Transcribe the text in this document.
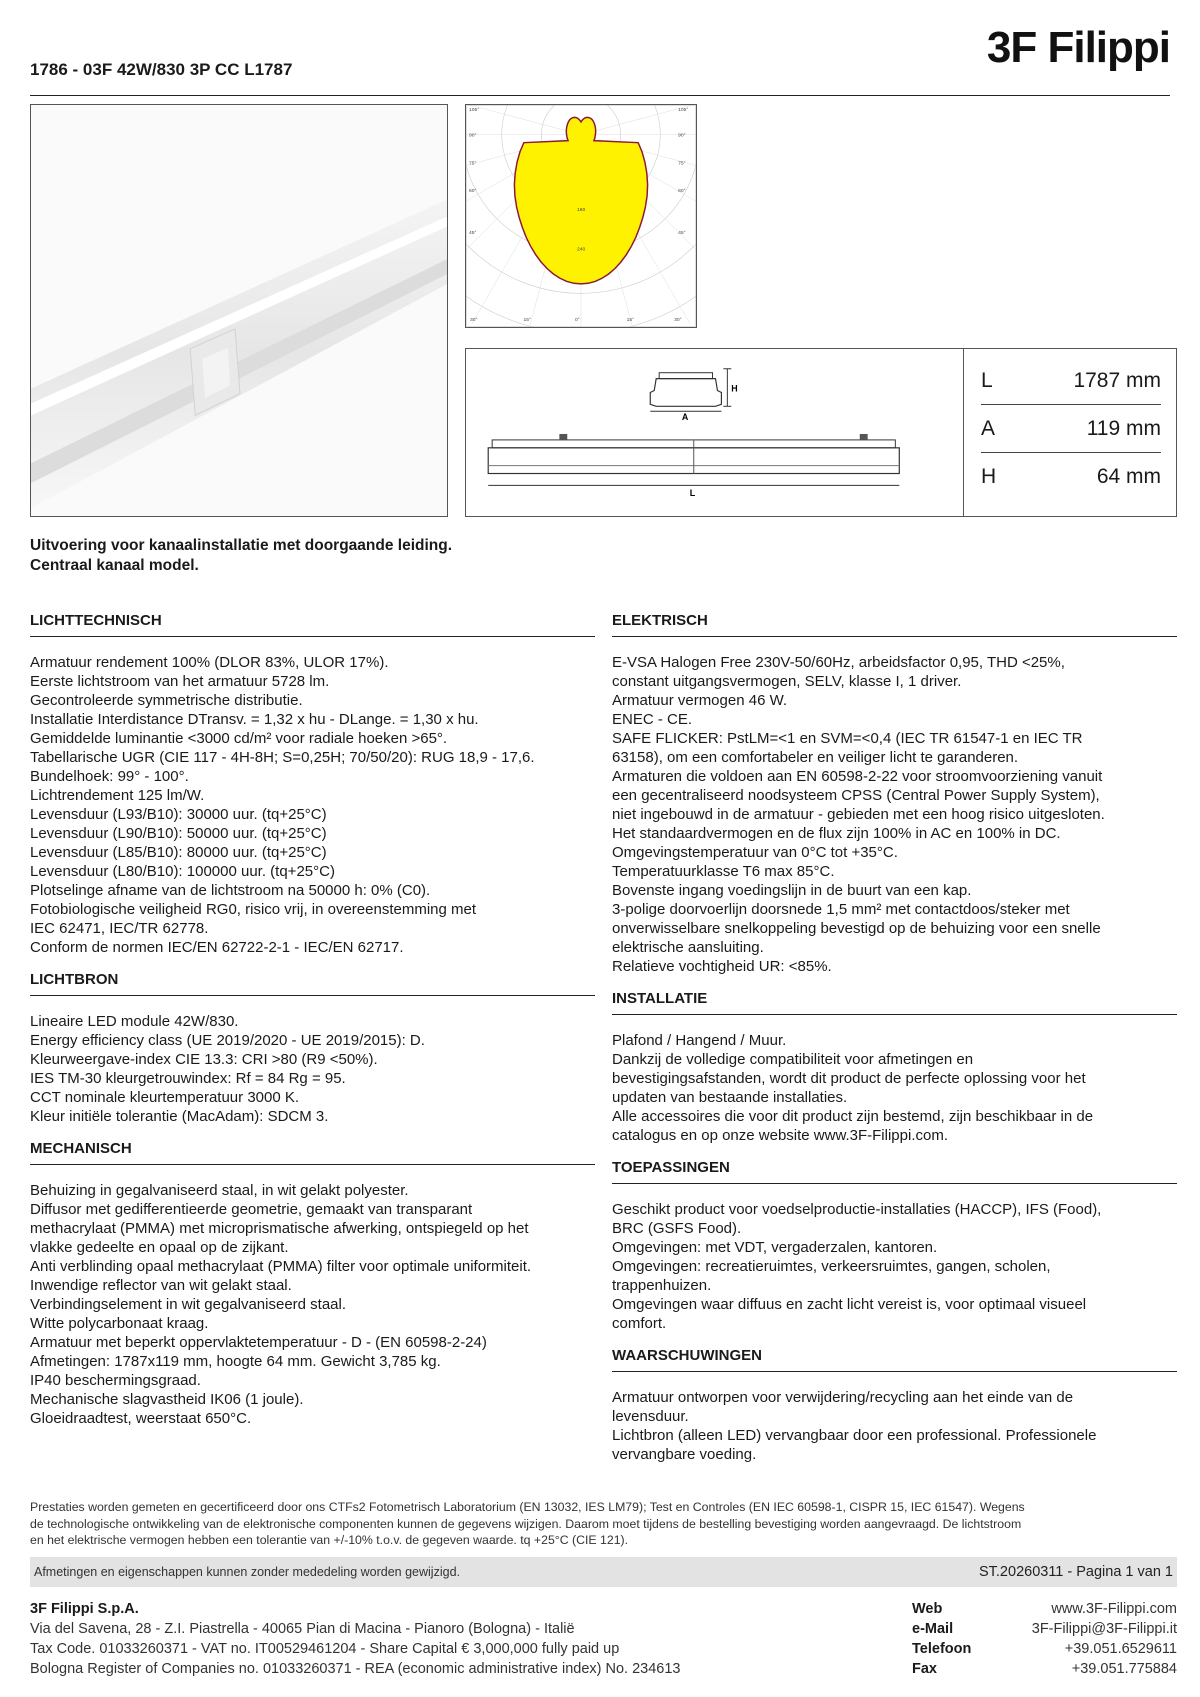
1786 - 03F 42W/830 3P CC L1787	3F Filippi
105°	105°
90°	90°
75°	75°
60°	60°
45°	45°
30°	15°	0°	15°	30°
160
240
H
A
L
L	1787 mm
A	119 mm
H	64 mm
Uitvoering voor kanaalinstallatie met doorgaande leiding.
Centraal kanaal model.
LICHTTECHNISCH
Armatuur rendement 100% (DLOR 83%, ULOR 17%).
Eerste lichtstroom van het armatuur 5728 lm.
Gecontroleerde symmetrische distributie.
Installatie Interdistance DTransv. = 1,32 x hu - DLange. = 1,30 x hu.
Gemiddelde luminantie <3000 cd/m² voor radiale hoeken >65°.
Tabellarische UGR (CIE 117 - 4H-8H; S=0,25H; 70/50/20): RUG 18,9 - 17,6.
Bundelhoek: 99° - 100°.
Lichtrendement 125 lm/W.
Levensduur (L93/B10): 30000 uur. (tq+25°C)
Levensduur (L90/B10): 50000 uur. (tq+25°C)
Levensduur (L85/B10): 80000 uur. (tq+25°C)
Levensduur (L80/B10): 100000 uur. (tq+25°C)
Plotselinge afname van de lichtstroom na 50000 h: 0% (C0).
Fotobiologische veiligheid RG0, risico vrij, in overeenstemming met
IEC 62471, IEC/TR 62778.
Conform de normen IEC/EN 62722-2-1 - IEC/EN 62717.
LICHTBRON
Lineaire LED module 42W/830.
Energy efficiency class (UE 2019/2020 - UE 2019/2015): D.
Kleurweergave-index CIE 13.3: CRI >80 (R9 <50%).
IES TM-30 kleurgetrouwindex: Rf = 84 Rg = 95.
CCT nominale kleurtemperatuur 3000 K.
Kleur initiële tolerantie (MacAdam): SDCM 3.
MECHANISCH
Behuizing in gegalvaniseerd staal, in wit gelakt polyester.
Diffusor met gedifferentieerde geometrie, gemaakt van transparant
methacrylaat (PMMA) met microprismatische afwerking, ontspiegeld op het
vlakke gedeelte en opaal op de zijkant.
Anti verblinding opaal methacrylaat (PMMA) filter voor optimale uniformiteit.
Inwendige reflector van wit gelakt staal.
Verbindingselement in wit gegalvaniseerd staal.
Witte polycarbonaat kraag.
Armatuur met beperkt oppervlaktetemperatuur - D - (EN 60598-2-24)
Afmetingen: 1787x119 mm, hoogte 64 mm. Gewicht 3,785 kg.
IP40 beschermingsgraad.
Mechanische slagvastheid IK06 (1 joule).
Gloeidraadtest, weerstaat 650°C.
ELEKTRISCH
E-VSA Halogen Free 230V-50/60Hz, arbeidsfactor 0,95, THD <25%,
constant uitgangsvermogen, SELV, klasse I, 1 driver.
Armatuur vermogen 46 W.
ENEC - CE.
SAFE FLICKER: PstLM=<1 en SVM=<0,4 (IEC TR 61547-1 en IEC TR
63158), om een comfortabeler en veiliger licht te garanderen.
Armaturen die voldoen aan EN 60598-2-22 voor stroomvoorziening vanuit
een gecentraliseerd noodsysteem CPSS (Central Power Supply System),
niet ingebouwd in de armatuur - gebieden met een hoog risico uitgesloten.
Het standaardvermogen en de flux zijn 100% in AC en 100% in DC.
Omgevingstemperatuur van 0°C tot +35°C.
Temperatuurklasse T6 max 85°C.
Bovenste ingang voedingslijn in de buurt van een kap.
3-polige doorvoerlijn doorsnede 1,5 mm² met contactdoos/steker met
onverwisselbare snelkoppeling bevestigd op de behuizing voor een snelle
elektrische aansluiting.
Relatieve vochtigheid UR: <85%.
INSTALLATIE
Plafond / Hangend / Muur.
Dankzij de volledige compatibiliteit voor afmetingen en
bevestigingsafstanden, wordt dit product de perfecte oplossing voor het
updaten van bestaande installaties.
Alle accessoires die voor dit product zijn bestemd, zijn beschikbaar in de
catalogus en op onze website www.3F-Filippi.com.
TOEPASSINGEN
Geschikt product voor voedselproductie-installaties (HACCP), IFS (Food),
BRC (GSFS Food).
Omgevingen: met VDT, vergaderzalen, kantoren.
Omgevingen: recreatieruimtes, verkeersruimtes, gangen, scholen,
trappenhuizen.
Omgevingen waar diffuus en zacht licht vereist is, voor optimaal visueel
comfort.
WAARSCHUWINGEN
Armatuur ontworpen voor verwijdering/recycling aan het einde van de
levensduur.
Lichtbron (alleen LED) vervangbaar door een professional. Professionele
vervangbare voeding.
Prestaties worden gemeten en gecertificeerd door ons CTFs2 Fotometrisch Laboratorium (EN 13032, IES LM79); Test en Controles (EN IEC 60598-1, CISPR 15, IEC 61547). Wegens
de technologische ontwikkeling van de elektronische componenten kunnen de gegevens wijzigen. Daarom moet tijdens de bestelling bevestiging worden aangevraagd. De lichtstroom
en het elektrische vermogen hebben een tolerantie van +/-10% t.o.v. de gegeven waarde. tq +25°C (CIE 121).
Afmetingen en eigenschappen kunnen zonder mededeling worden gewijzigd.	ST.20260311 - Pagina 1 van 1
3F Filippi S.p.A.
Via del Savena, 28 - Z.I. Piastrella - 40065 Pian di Macina - Pianoro (Bologna) - Italië
Tax Code. 01033260371 - VAT no. IT00529461204 - Share Capital € 3,000,000 fully paid up
Bologna Register of Companies no. 01033260371 - REA (economic administrative index) No. 234613
Web	www.3F-Filippi.com
e-Mail	3F-Filippi@3F-Filippi.it
Telefoon	+39.051.6529611
Fax	+39.051.775884
